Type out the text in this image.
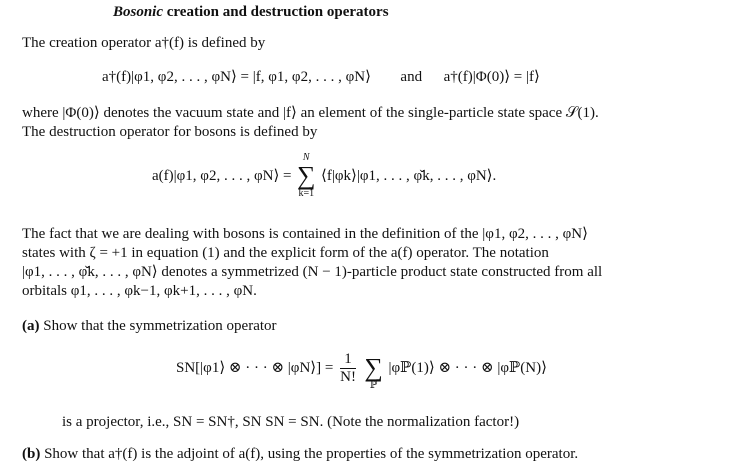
Bosonic creation and destruction operators
The creation operator a†(f) is defined by
a†(f)|φ1, φ2, . . . , φN⟩ = |f, φ1, φ2, . . . , φN⟩ and a†(f)|Φ(0)⟩ = |f⟩
where |Φ(0)⟩ denotes the vacuum state and |f⟩ an element of the single-particle state space 𝒮(1).
The destruction operator for bosons is defined by
a(f)|φ1, φ2, . . . , φN⟩ =
N
∑
k=1
⟨f|φk⟩|φ1, . . . , φ̌k, . . . , φN⟩.
The fact that we are dealing with bosons is contained in the definition of the |φ1, φ2, . . . , φN⟩
states with ζ = +1 in equation (1) and the explicit form of the a(f) operator. The notation
|φ1, . . . , φ̌k, . . . , φN⟩ denotes a symmetrized (N − 1)-particle product state constructed from all
orbitals φ1, . . . , φk−1, φk+1, . . . , φN.
(a) Show that the symmetrization operator
SN[|φ1⟩ ⊗ · · · ⊗ |φN⟩] = $\frac{1}{N!}$

∑
ℙ
|φℙ(1)⟩ ⊗ · · · ⊗ |φℙ(N)⟩
is a projector, i.e., SN = SN†, SN SN = SN. (Note the normalization factor!)
(b) Show that a†(f) is the adjoint of a(f), using the properties of the symmetrization operator.
